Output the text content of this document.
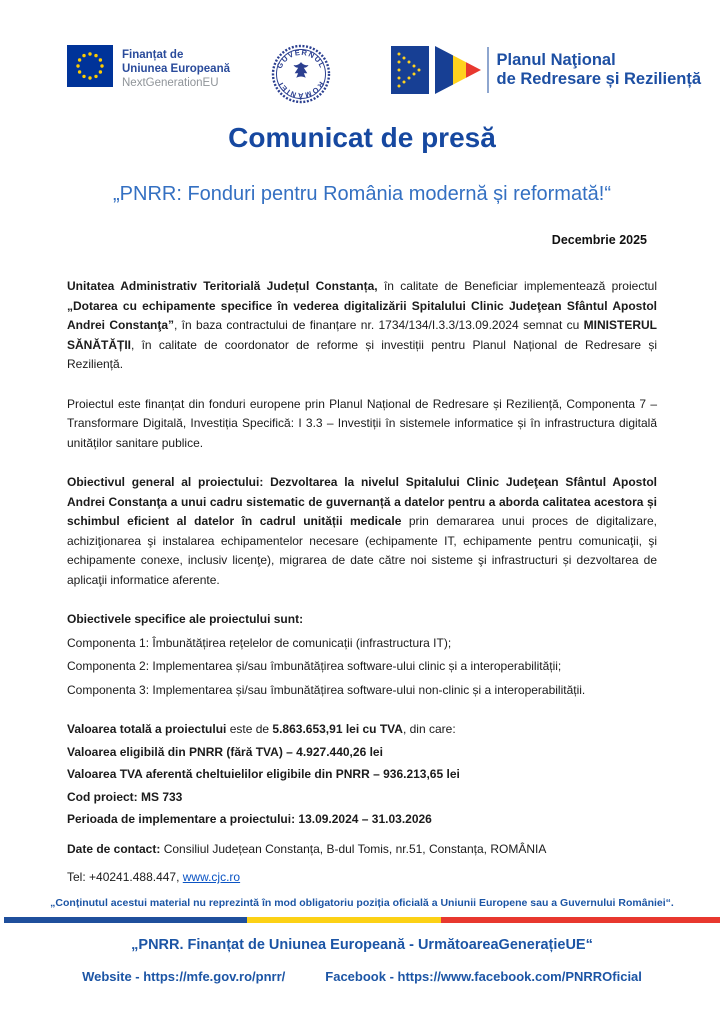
Finanțat de
Uniunea Europeană
NextGenerationEU
GUVERNUL
ROMÂNIEI
Planul Naţional
de Redresare și Reziliență
Comunicat de presă
„PNRR: Fonduri pentru România modernă și reformată!“
Decembrie 2025

Unitatea Administrativ Teritorială Județul Constanța, în calitate de Beneficiar implementează proiectul „Dotarea cu echipamente specifice în vederea digitalizării Spitalului Clinic Judeţean Sfântul Apostol Andrei Constanţa”, în baza contractului de finanțare nr. 1734/134/I.3.3/13.09.2024 semnat cu MINISTERUL SĂNĂTĂȚII, în calitate de coordonator de reforme și investiții pentru Planul Național de Redresare și Reziliență.

Proiectul este finanțat din fonduri europene prin Planul Național de Redresare și Reziliență, Componenta 7 – Transformare Digitală, Investiția Specifică: I 3.3 – Investiții în sistemele informatice și în infrastructura digitală unităților sanitare publice.

Obiectivul general al proiectului: Dezvoltarea la nivelul Spitalului Clinic Judeţean Sfântul Apostol Andrei Constanţa a unui cadru sistematic de guvernanță a datelor pentru a aborda calitatea acestora și schimbul eficient al datelor în cadrul unității medicale prin demararea unui proces de digitalizare, achiziţionarea şi instalarea echipamentelor necesare (echipamente IT, echipamente pentru comunicaţii, şi echipamente conexe, inclusiv licenţe), migrarea de date către noi sisteme şi infrastructuri și dezvoltarea de aplicaţii informatice aferente.

Obiectivele specifice ale proiectului sunt:

Componenta 1: Îmbunătățirea rețelelor de comunicații (infrastructura IT);

Componenta 2: Implementarea și/sau îmbunătățirea software-ului clinic și a interoperabilității;

Componenta 3: Implementarea și/sau îmbunătățirea software-ului non-clinic și a interoperabilității.

Valoarea totală a proiectului este de 5.863.653,91 lei cu TVA, din care:

Valoarea eligibilă din PNRR (fără TVA) – 4.927.440,26 lei

Valoarea TVA aferentă cheltuielilor eligibile din PNRR – 936.213,65 lei

Cod proiect: MS 733

Perioada de implementare a proiectului: 13.09.2024 – 31.03.2026

Date de contact: Consiliul Județean Constanța, B-dul Tomis, nr.51, Constanța, ROMÂNIA

Tel: +40241.488.447, www.cjc.ro

„Conținutul acestui material nu reprezintă în mod obligatoriu poziția oficială a Uniunii Europene sau a Guvernului României“.
„PNRR. Finanțat de Uniunea Europeană - UrmătoareaGenerațieUE“
Website - https://mfe.gov.ro/pnrr/	Facebook - https://www.facebook.com/PNRROficial
